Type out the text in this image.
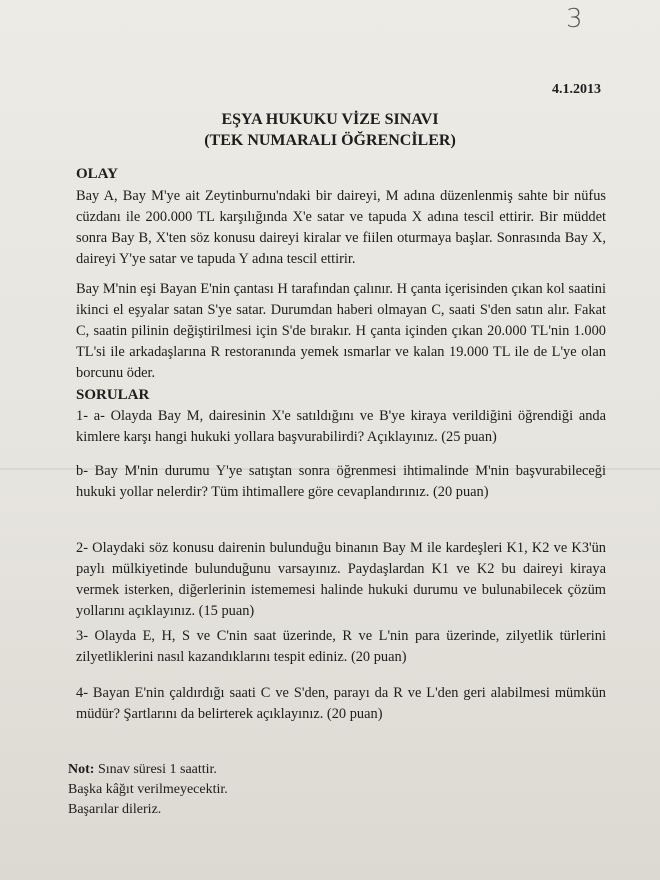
3
4.1.2013
EŞYA HUKUKU VİZE SINAVI
(TEK NUMARALI ÖĞRENCİLER)
OLAY

Bay A, Bay M'ye ait Zeytinburnu'ndaki bir daireyi, M adına düzenlenmiş sahte bir nüfus cüzdanı ile 200.000 TL karşılığında X'e satar ve tapuda X adına tescil ettirir. Bir müddet sonra Bay B, X'ten söz konusu daireyi kiralar ve fiilen oturmaya başlar. Sonrasında Bay X, daireyi Y'ye satar ve tapuda Y adına tescil ettirir.

Bay M'nin eşi Bayan E'nin çantası H tarafından çalınır. H çanta içerisinden çıkan kol saatini ikinci el eşyalar satan S'ye satar. Durumdan haberi olmayan C, saati S'den satın alır. Fakat C, saatin pilinin değiştirilmesi için S'de bırakır. H çanta içinden çıkan 20.000 TL'nin 1.000 TL'si ile arkadaşlarına R restoranında yemek ısmarlar ve kalan 19.000 TL ile de L'ye olan borcunu öder.

SORULAR

1- a- Olayda Bay M, dairesinin X'e satıldığını ve B'ye kiraya verildiğini öğrendiği anda kimlere karşı hangi hukuki yollara başvurabilirdi? Açıklayınız. (25 puan)

b- Bay M'nin durumu Y'ye satıştan sonra öğrenmesi ihtimalinde M'nin başvurabileceği hukuki yollar nelerdir? Tüm ihtimallere göre cevaplandırınız. (20 puan)

2- Olaydaki söz konusu dairenin bulunduğu binanın Bay M ile kardeşleri K1, K2 ve K3'ün paylı mülkiyetinde bulunduğunu varsayınız. Paydaşlardan K1 ve K2 bu daireyi kiraya vermek isterken, diğerlerinin istememesi halinde hukuki durumu ve bulunabilecek çözüm yollarını açıklayınız. (15 puan)

3- Olayda E, H, S ve C'nin saat üzerinde, R ve L'nin para üzerinde, zilyetlik türlerini zilyetliklerini nasıl kazandıklarını tespit ediniz. (20 puan)

4- Bayan E'nin çaldırdığı saati C ve S'den, parayı da R ve L'den geri alabilmesi mümkün müdür? Şartlarını da belirterek açıklayınız. (20 puan)

Not: Sınav süresi 1 saattir.
Başka kâğıt verilmeyecektir.
Başarılar dileriz.
